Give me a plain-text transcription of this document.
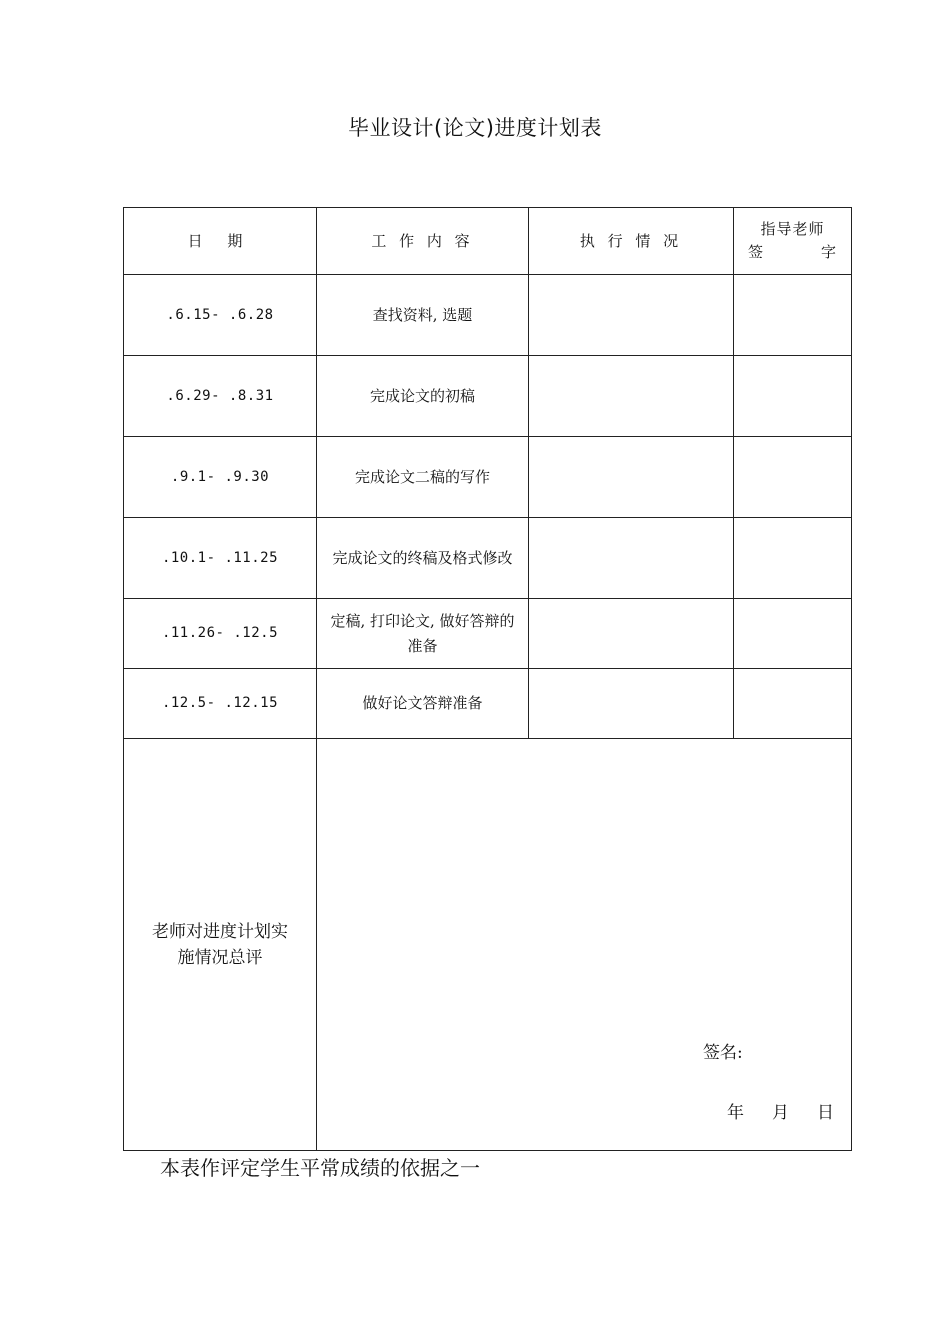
毕业设计(论文)进度计划表
日 期	工 作 内 容	执 行 情 况	指导老师
签 字

.6.15- .6.28	查找资料, 选题		
.6.29- .8.31	完成论文的初稿		
.9.1- .9.30	完成论文二稿的写作		
.10.1- .11.25	完成论文的终稿及格式修改		
.11.26- .12.5	定稿, 打印论文, 做好答辩的准备		
.12.5- .12.15	做好论文答辩准备		
老师对进度计划实施情况总评	签名:
年 月 日		
本表作评定学生平常成绩的依据之一
